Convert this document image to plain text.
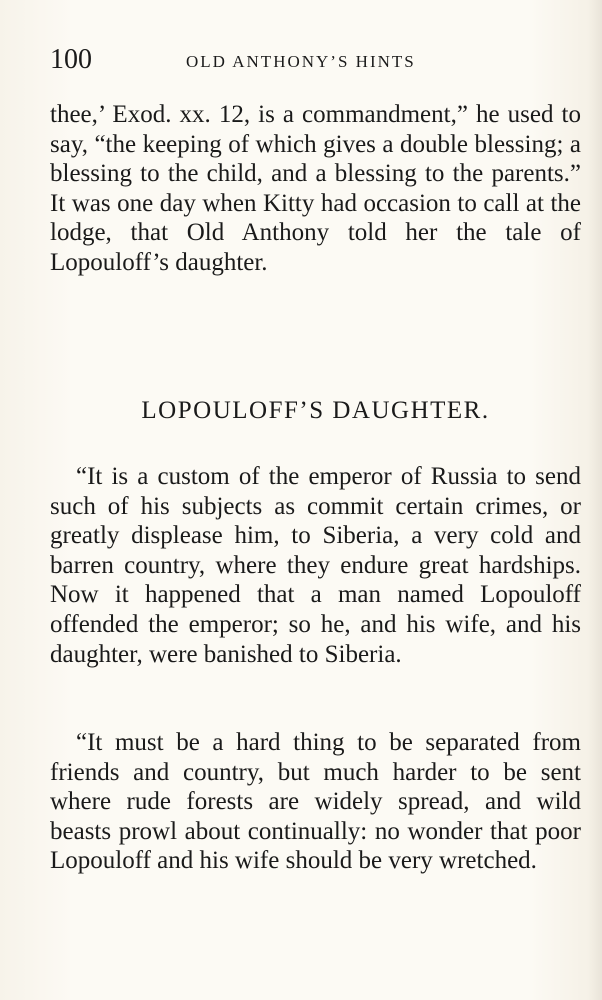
100	OLD ANTHONY’S HINTS

thee,’ Exod. xx. 12, is a commandment,” he used to say, “the keeping of which gives a double blessing; a blessing to the child, and a blessing to the parents.” It was one day when Kitty had occasion to call at the lodge, that Old Anthony told her the tale of Lopouloff’s daughter.

LOPOULOFF’S DAUGHTER.

“It is a custom of the emperor of Russia to send such of his subjects as commit certain crimes, or greatly displease him, to Siberia, a very cold and barren country, where they endure great hardships. Now it happened that a man named Lopouloff offended the emperor; so he, and his wife, and his daughter, were banished to Siberia.

“It must be a hard thing to be separated from friends and country, but much harder to be sent where rude forests are widely spread, and wild beasts prowl about continually: no wonder that poor Lopouloff and his wife should be very wretched.
